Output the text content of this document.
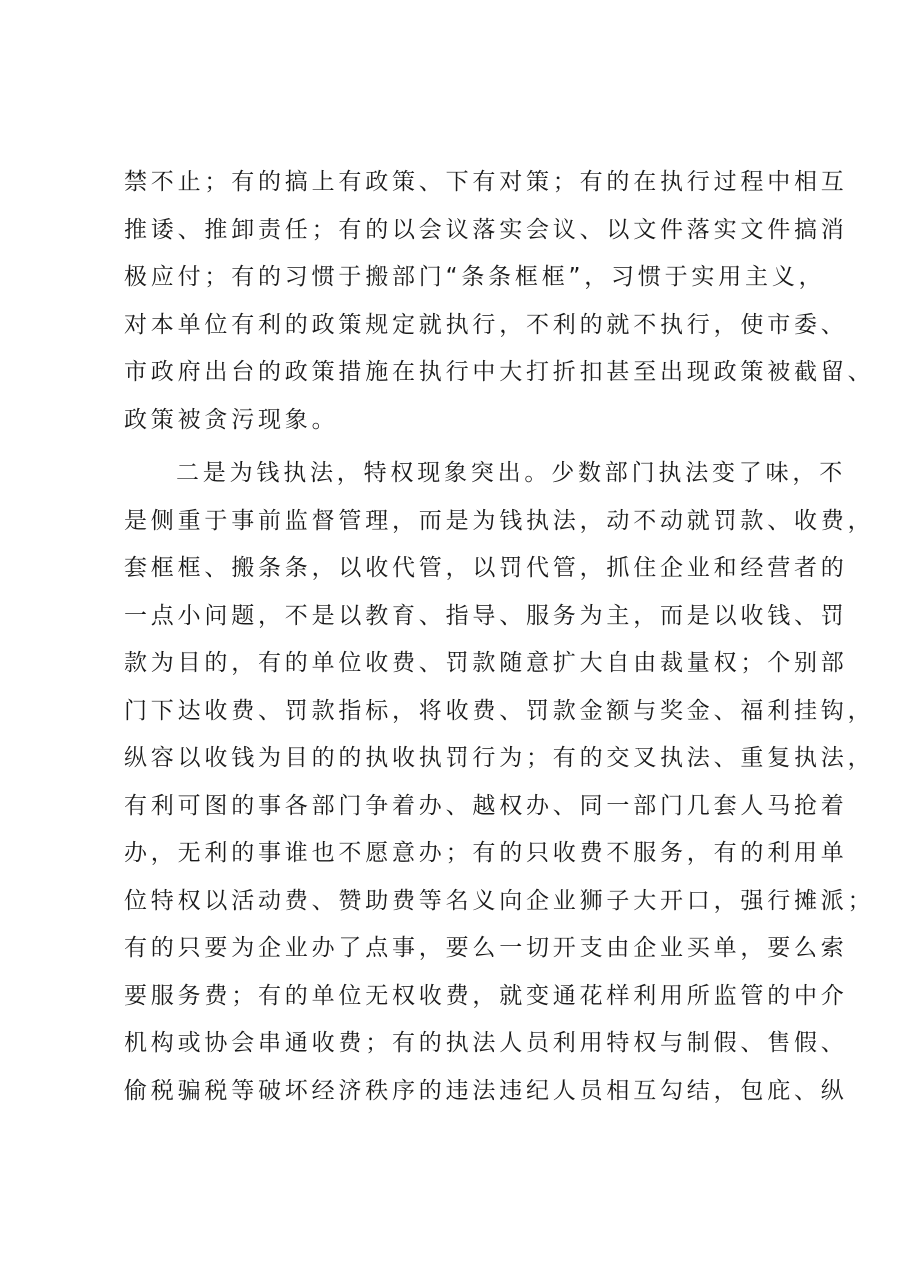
禁不止；有的搞上有政策、下有对策；有的在执行过程中相互
推诿、推卸责任；有的以会议落实会议、以文件落实文件搞消
极应付；有的习惯于搬部门“条条框框”，习惯于实用主义，
对本单位有利的政策规定就执行，不利的就不执行，使市委、
市政府出台的政策措施在执行中大打折扣甚至出现政策被截留、
政策被贪污现象。
二是为钱执法，特权现象突出。少数部门执法变了味，不
是侧重于事前监督管理，而是为钱执法，动不动就罚款、收费，
套框框、搬条条，以收代管，以罚代管，抓住企业和经营者的
一点小问题，不是以教育、指导、服务为主，而是以收钱、罚
款为目的，有的单位收费、罚款随意扩大自由裁量权；个别部
门下达收费、罚款指标，将收费、罚款金额与奖金、福利挂钩，
纵容以收钱为目的的执收执罚行为；有的交叉执法、重复执法，
有利可图的事各部门争着办、越权办、同一部门几套人马抢着
办，无利的事谁也不愿意办；有的只收费不服务，有的利用单
位特权以活动费、赞助费等名义向企业狮子大开口，强行摊派；
有的只要为企业办了点事，要么一切开支由企业买单，要么索
要服务费；有的单位无权收费，就变通花样利用所监管的中介
机构或协会串通收费；有的执法人员利用特权与制假、售假、
偷税骗税等破坏经济秩序的违法违纪人员相互勾结，包庇、纵
